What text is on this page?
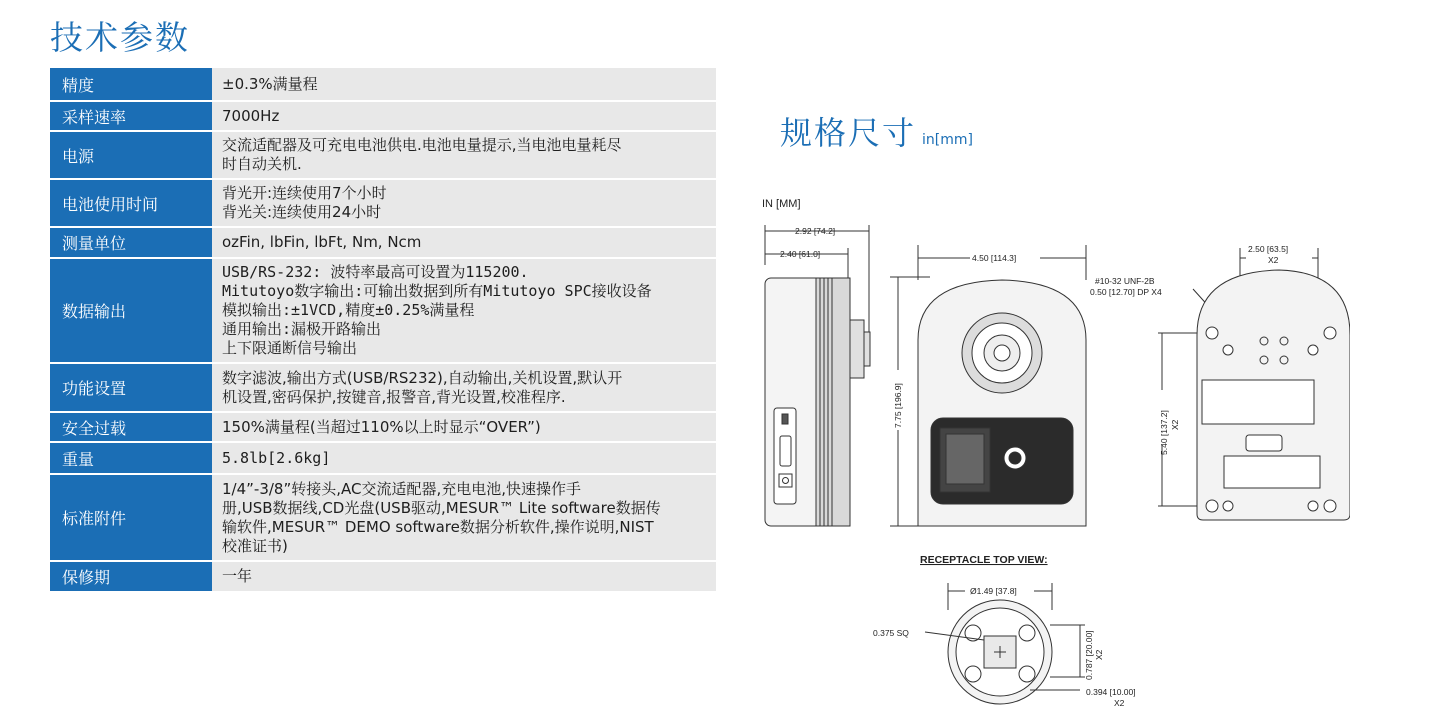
技术参数
精度	±0.3%满量程

采样速率	7000Hz

电源	交流适配器及可充电电池供电.电池电量提示,当电池电量耗尽
时自动关机.

电池使用时间	背光开:连续使用7个小时
背光关:连续使用24小时

测量单位	ozFin, lbFin, lbFt, Nm, Ncm

数据输出	USB/RS-232: 波特率最高可设置为115200.
Mitutoyo数字输出:可输出数据到所有Mitutoyo SPC接收设备
模拟输出:±1VCD,精度±0.25%满量程
通用输出:漏极开路输出
上下限通断信号输出

功能设置	数字滤波,输出方式(USB/RS232),自动输出,关机设置,默认开
机设置,密码保护,按键音,报警音,背光设置,校准程序.

安全过载	150%满量程(当超过110%以上时显示“OVER”)

重量	5.8lb[2.6kg]

标准附件	1/4”-3/8”转接头,AC交流适配器,充电电池,快速操作手
册,USB数据线,CD光盘(USB驱动,MESUR™ Lite software数据传
输软件,MESUR™ DEMO software数据分析软件,操作说明,NIST
校准证书)

保修期	一年
规格尺寸 in[mm]
IN [MM]
2.92 [74.2]
2.40 [61.0]	4.50 [114.3]
7.75 [196.9]
2.50 [63.5]
X2
#10-32 UNF-2B
0.50 [12.70] DP X4
5.40 [137.2] X2
RECEPTACLE TOP VIEW:
Ø1.49 [37.8]
0.375 SQ	0.787 [20.00] X2
0.394 [10.00]
X2
